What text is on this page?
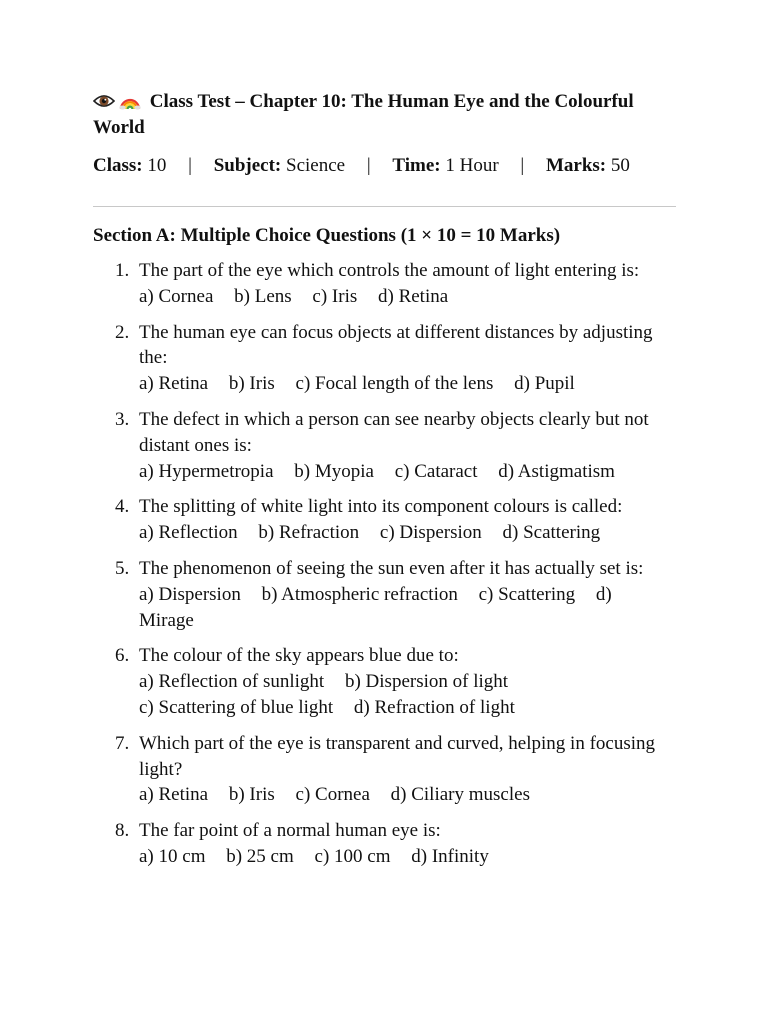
Class Test – Chapter 10: The Human Eye and the Colourful World
Class: 10 | Subject: Science | Time: 1 Hour | Marks: 50
Section A: Multiple Choice Questions (1 × 10 = 10 Marks)
1. The part of the eye which controls the amount of light entering is:
a) Cornea b) Lens c) Iris d) Retina
2. The human eye can focus objects at different distances by adjusting the:
a) Retina b) Iris c) Focal length of the lens d) Pupil
3. The defect in which a person can see nearby objects clearly but not distant ones is:
a) Hypermetropia b) Myopia c) Cataract d) Astigmatism
4. The splitting of white light into its component colours is called:
a) Reflection b) Refraction c) Dispersion d) Scattering
5. The phenomenon of seeing the sun even after it has actually set is:
a) Dispersion b) Atmospheric refraction c) Scattering d) Mirage
6. The colour of the sky appears blue due to:
a) Reflection of sunlight b) Dispersion of light
c) Scattering of blue light d) Refraction of light
7. Which part of the eye is transparent and curved, helping in focusing light?
a) Retina b) Iris c) Cornea d) Ciliary muscles
8. The far point of a normal human eye is:
a) 10 cm b) 25 cm c) 100 cm d) Infinity
